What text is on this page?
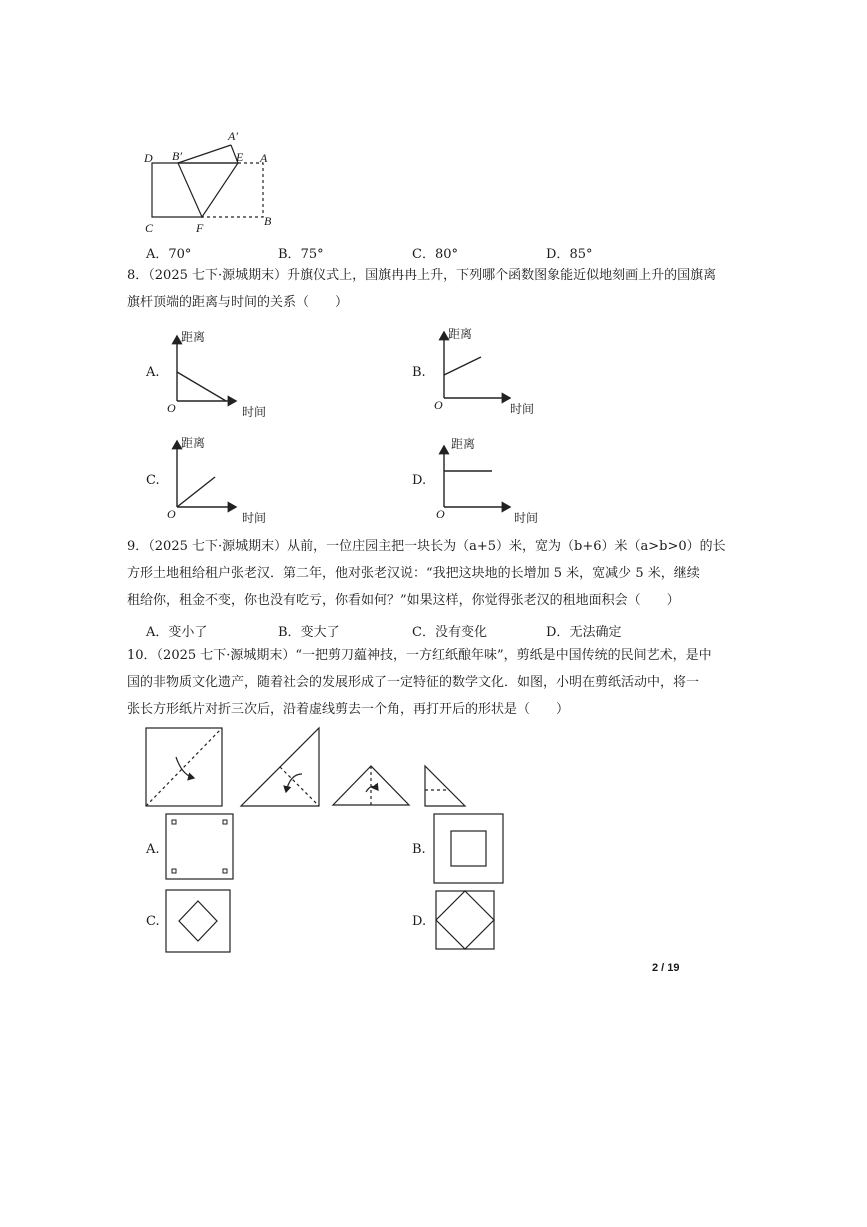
A′
D B′	E A
C	F	B
A．70°	B．75°	C．80°	D．85°
8．（2025 七下·源城期末）升旗仪式上，国旗冉冉上升，下列哪个函数图象能近似地刻画上升的国旗离
旗杆顶端的距离与时间的关系（　　）
A.
距离
时间
O
B.
距离
时间
O
C.
距离
时间
O
D.
距离
时间
O
9．（2025 七下·源城期末）从前，一位庄园主把一块长为（a+5）米，宽为（b+6）米（a>b>0）的长
方形土地租给租户张老汉．第二年，他对张老汉说：“我把这块地的长增加 5 米，宽减少 5 米，继续
租给你，租金不变，你也没有吃亏，你看如何？”如果这样，你觉得张老汉的租地面积会（　　）
A．变小了	B．变大了	C．没有变化	D．无法确定
10．（2025 七下·源城期末）“一把剪刀藴神技，一方红纸酿年味”，剪纸是中国传统的民间艺术，是中
国的非物质文化遗产，随着社会的发展形成了一定特征的数学文化．如图，小明在剪纸活动中，将一
张长方形纸片对折三次后，沿着虚线剪去一个角，再打开后的形状是（　　）
A.	B.
C.	D.
2 / 19
